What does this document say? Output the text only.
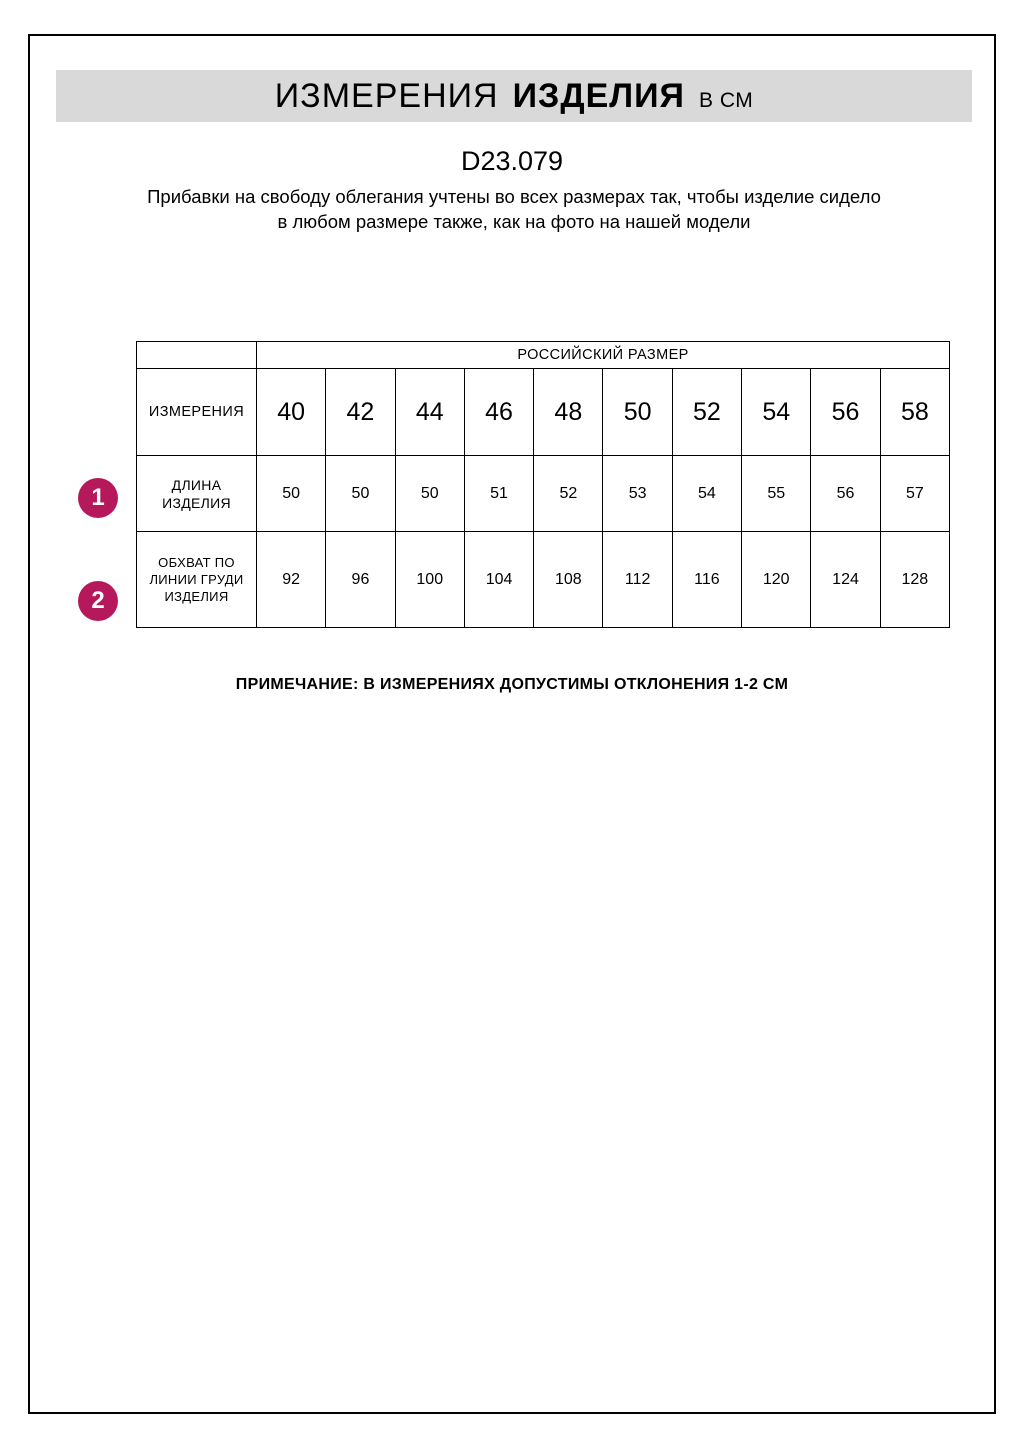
ИЗМЕРЕНИЯ ИЗДЕЛИЯ В СМ
D23.079
Прибавки на свободу облегания учтены во всех размерах так, чтобы изделие сидело в любом размере также, как на фото на нашей модели
1
2
	РОССИЙСКИЙ РАЗМЕР									
ИЗМЕРЕНИЯ	40	42	44	46	48	50	52	54	56	58
ДЛИНА ИЗДЕЛИЯ	50	50	50	51	52	53	54	55	56	57
ОБХВАТ ПО ЛИНИИ ГРУДИ ИЗДЕЛИЯ	92	96	100	104	108	112	116	120	124	128
ПРИМЕЧАНИЕ: В ИЗМЕРЕНИЯХ ДОПУСТИМЫ ОТКЛОНЕНИЯ 1-2 СМ
